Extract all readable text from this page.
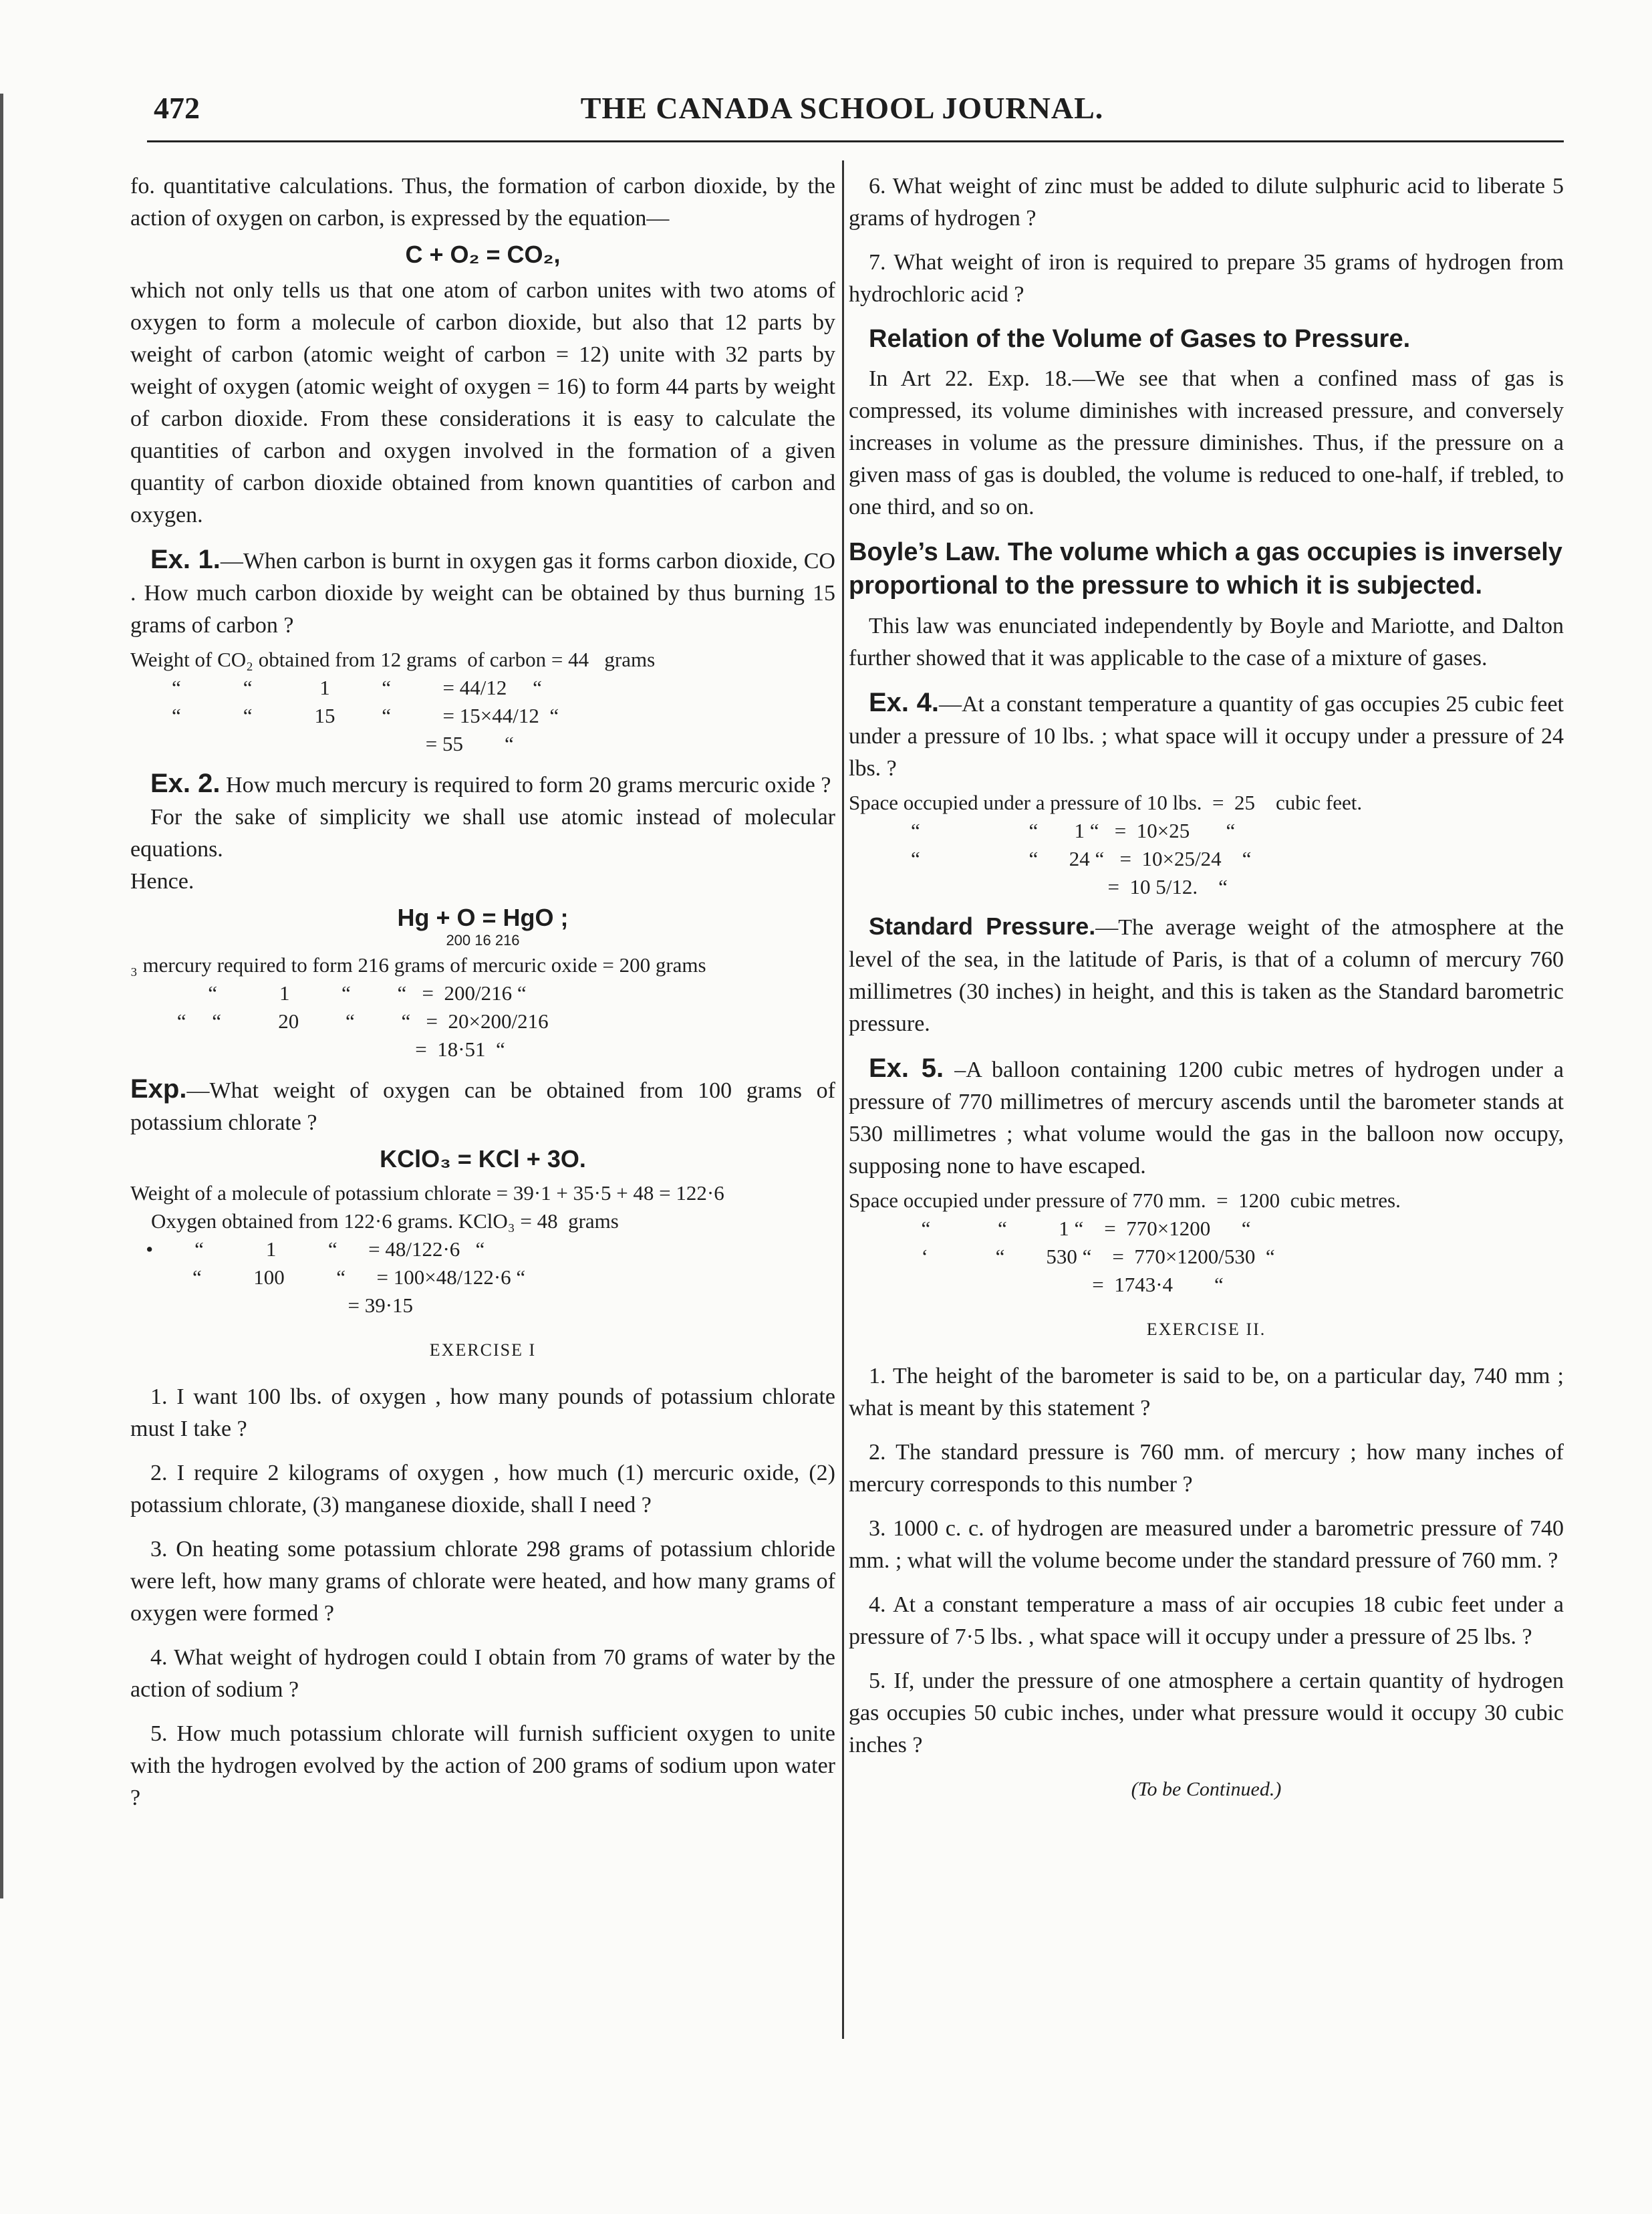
472	THE CANADA SCHOOL JOURNAL.

fo. quantitative calculations. Thus, the formation of carbon dioxide, by the action of oxygen on carbon, is expressed by the equation—

C + O₂ = CO₂,

which not only tells us that one atom of carbon unites with two atoms of oxygen to form a molecule of carbon dioxide, but also that 12 parts by weight of carbon (atomic weight of carbon = 12) unite with 32 parts by weight of oxygen (atomic weight of oxygen = 16) to form 44 parts by weight of carbon dioxide. From these considerations it is easy to calculate the quantities of carbon and oxygen involved in the formation of a given quantity of carbon dioxide obtained from known quantities of carbon and oxygen.

Ex. 1.—When carbon is burnt in oxygen gas it forms carbon dioxide, CO . How much carbon dioxide by weight can be obtained by thus burning 15 grams of carbon ?

Weight of CO₂ obtained from 12 grams  of carbon = 44   grams
“            “             1          “          = 44/12     “
“            “            15         “          = 15×44/12  “
= 55        “

Ex. 2. How much mercury is required to form 20 grams mercuric oxide ?

For the sake of simplicity we shall use atomic instead of molecular equations.

Hence.

Hg + O = HgO ;
200 16 216
₃ mercury required to form 216 grams of mercuric oxide = 200 grams
“            1          “         “   =  200/216 “
“     “           20         “         “   =  20×200/216
=  18·51  “

Exp.—What weight of oxygen can be obtained from 100 grams of potassium chlorate ?

KClO₃ = KCl + 3O.
Weight of a molecule of potassium chlorate = 39·1 + 35·5 + 48 = 122·6
Oxygen obtained from 122·6 grams. KClO₃ = 48  grams
•        “            1          “      = 48/122·6   “
“          100          “      = 100×48/122·6 “
= 39·15
EXERCISE I

1. I want 100 lbs. of oxygen , how many pounds of potassium chlorate must I take ?

2. I require 2 kilograms of oxygen , how much (1) mercuric oxide, (2) potassium chlorate, (3) manganese dioxide, shall I need ?

3. On heating some potassium chlorate 298 grams of potassium chloride were left, how many grams of chlorate were heated, and how many grams of oxygen were formed ?

4. What weight of hydrogen could I obtain from 70 grams of water by the action of sodium ?

5. How much potassium chlorate will furnish sufficient oxygen to unite with the hydrogen evolved by the action of 200 grams of sodium upon water ?

6. What weight of zinc must be added to dilute sulphuric acid to liberate 5 grams of hydrogen ?

7. What weight of iron is required to prepare 35 grams of hydrogen from hydrochloric acid ?

Relation of the Volume of Gases to Pressure.

In Art 22. Exp. 18.—We see that when a confined mass of gas is compressed, its volume diminishes with increased pressure, and conversely increases in volume as the pressure diminishes. Thus, if the pressure on a given mass of gas is doubled, the volume is reduced to one-half, if trebled, to one third, and so on.

Boyle’s Law. The volume which a gas occupies is inversely proportional to the pressure to which it is subjected.

This law was enunciated independently by Boyle and Mariotte, and Dalton further showed that it was applicable to the case of a mixture of gases.

Ex. 4.—At a constant temperature a quantity of gas occupies 25 cubic feet under a pressure of 10 lbs. ; what space will it occupy under a pressure of 24 lbs. ?

Space occupied under a pressure of 10 lbs.  =  25    cubic feet.
“                     “       1 “   =  10×25       “
“                     “      24 “   =  10×25/24    “
=  10 5/12.    “

Standard Pressure.—The average weight of the atmosphere at the level of the sea, in the latitude of Paris, is that of a column of mercury 760 millimetres (30 inches) in height, and this is taken as the Standard barometric pressure.

Ex. 5. –A balloon containing 1200 cubic metres of hydrogen under a pressure of 770 millimetres of mercury ascends until the barometer stands at 530 millimetres ; what volume would the gas in the balloon now occupy, supposing none to have escaped.

Space occupied under pressure of 770 mm.  =  1200  cubic metres.
“             “          1 “    =  770×1200      “
‘             “        530 “    =  770×1200/530  “
=  1743·4        “
EXERCISE II.

1. The height of the barometer is said to be, on a particular day, 740 mm ; what is meant by this statement ?

2. The standard pressure is 760 mm. of mercury ; how many inches of mercury corresponds to this number ?

3. 1000 c. c. of hydrogen are measured under a barometric pressure of 740 mm. ; what will the volume become under the standard pressure of 760 mm. ?

4. At a constant temperature a mass of air occupies 18 cubic feet under a pressure of 7·5 lbs. , what space will it occupy under a pressure of 25 lbs. ?

5. If, under the pressure of one atmosphere a certain quantity of hydrogen gas occupies 50 cubic inches, under what pressure would it occupy 30 cubic inches ?

(To be Continued.)
